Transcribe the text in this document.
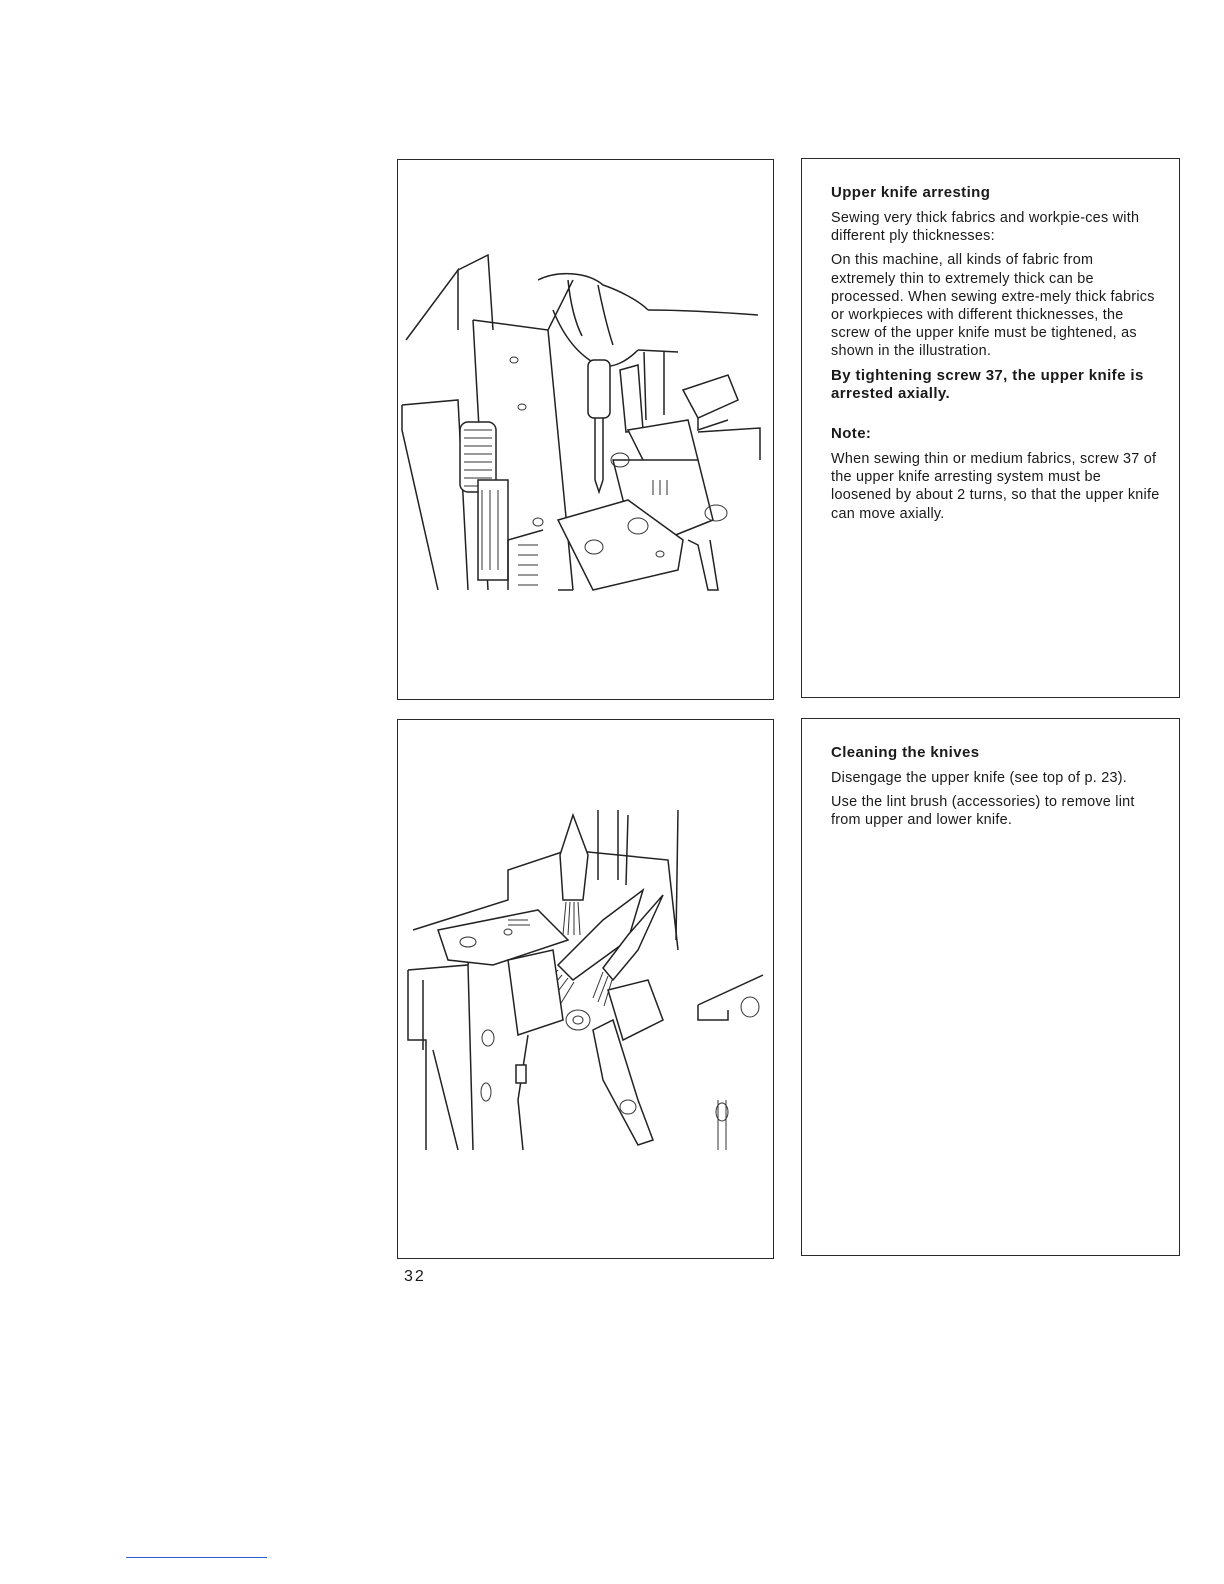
Upper knife arresting

Sewing very thick fabrics and workpie-ces with different ply thicknesses:

On this machine, all kinds of fabric from extremely thin to extremely thick can be processed. When sewing extre-mely thick fabrics or workpieces with different thicknesses, the screw of the upper knife must be tightened, as shown in the illustration.

By tightening screw 37, the upper knife is arrested axially.

Note:

When sewing thin or medium fabrics, screw 37 of the upper knife arresting system must be loosened by about 2 turns, so that the upper knife can move axially.

Cleaning the knives

Disengage the upper knife (see top of p. 23).

Use the lint brush (accessories) to remove lint from upper and lower knife.

32
